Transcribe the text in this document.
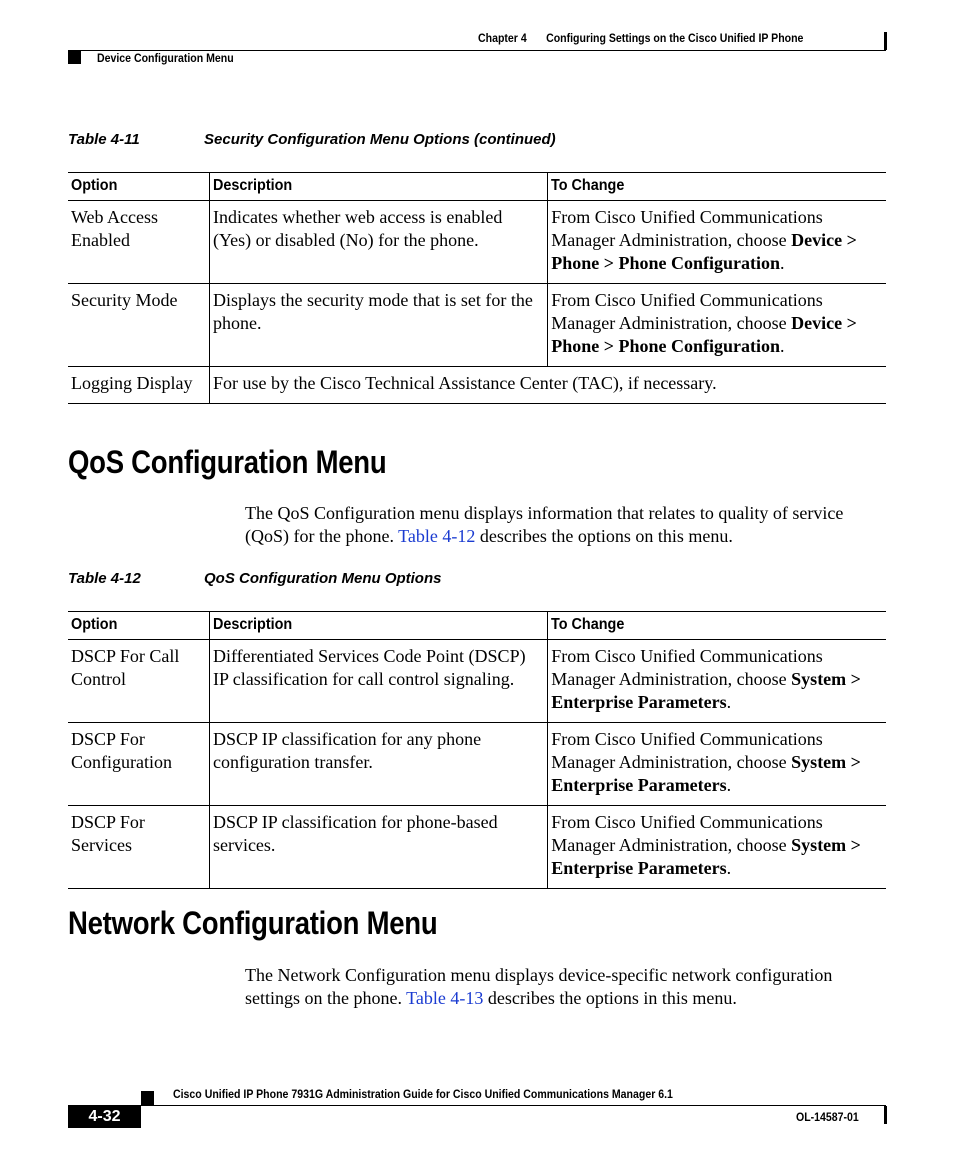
Chapter 4 Configuring Settings on the Cisco Unified IP Phone
Device Configuration Menu
Table 4-11	Security Configuration Menu Options (continued)
Option	Description	To Change
Web Access Enabled	Indicates whether web access is enabled (Yes) or disabled (No) for the phone.	From Cisco Unified Communications Manager Administration, choose Device > Phone > Phone Configuration.
Security Mode	Displays the security mode that is set for the phone.	From Cisco Unified Communications Manager Administration, choose Device > Phone > Phone Configuration.
Logging Display	For use by the Cisco Technical Assistance Center (TAC), if necessary.	
QoS Configuration Menu
The QoS Configuration menu displays information that relates to quality of service (QoS) for the phone. Table 4-12 describes the options on this menu.
Table 4-12	QoS Configuration Menu Options
Option	Description	To Change
DSCP For Call Control	Differentiated Services Code Point (DSCP) IP classification for call control signaling.	From Cisco Unified Communications Manager Administration, choose System > Enterprise Parameters.
DSCP For Configuration	DSCP IP classification for any phone configuration transfer.	From Cisco Unified Communications Manager Administration, choose System > Enterprise Parameters.
DSCP For Services	DSCP IP classification for phone-based services.	From Cisco Unified Communications Manager Administration, choose System > Enterprise Parameters.
Network Configuration Menu
The Network Configuration menu displays device-specific network configuration settings on the phone. Table 4-13 describes the options in this menu.
Cisco Unified IP Phone 7931G Administration Guide for Cisco Unified Communications Manager 6.1
4-32	OL-14587-01
